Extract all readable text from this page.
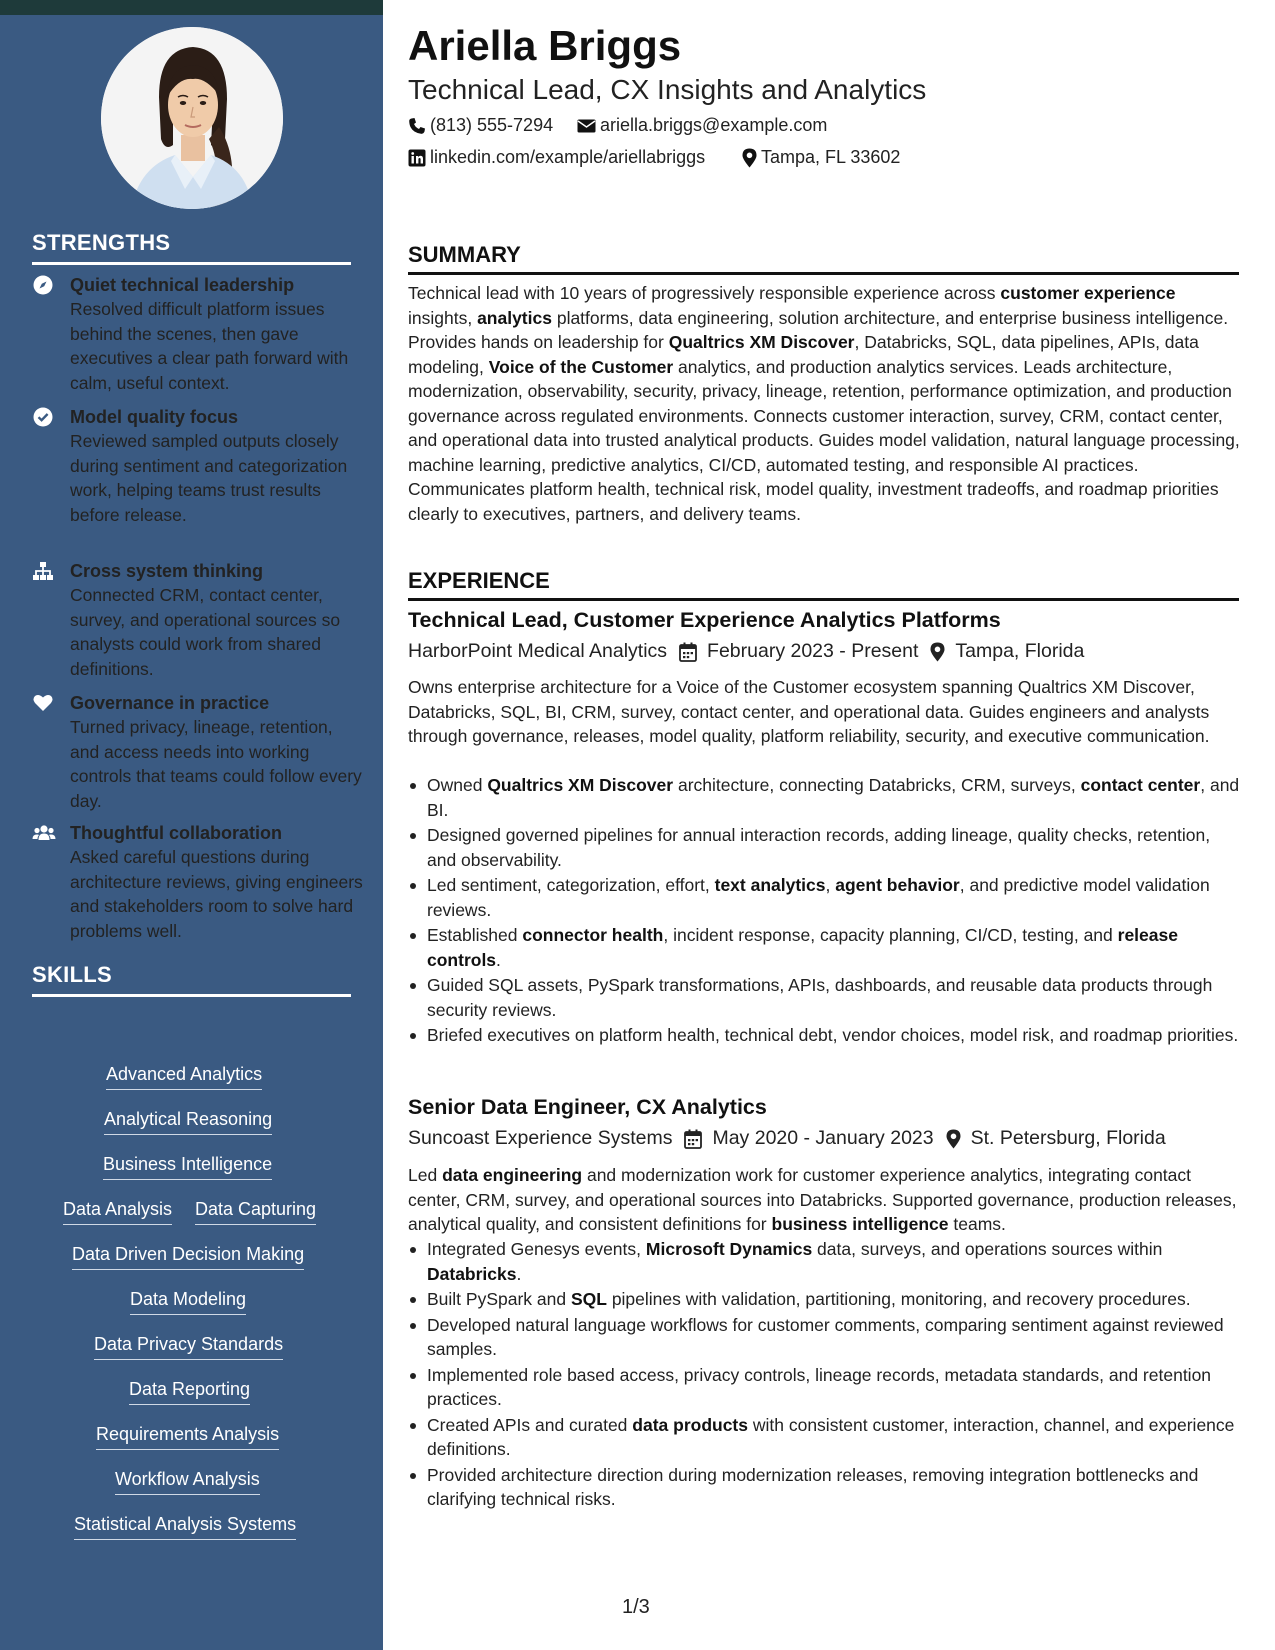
STRENGTHS
Quiet technical leadership
Resolved difficult platform issues behind the scenes, then gave executives a clear path forward with calm, useful context.
Model quality focus
Reviewed sampled outputs closely during sentiment and categorization work, helping teams trust results before release.
Cross system thinking
Connected CRM, contact center, survey, and operational sources so analysts could work from shared definitions.
Governance in practice
Turned privacy, lineage, retention, and access needs into working controls that teams could follow every day.
Thoughtful collaboration
Asked careful questions during architecture reviews, giving engineers and stakeholders room to solve hard problems well.
SKILLS
Advanced Analytics
Analytical Reasoning
Business Intelligence
Data Analysis Data Capturing
Data Driven Decision Making
Data Modeling
Data Privacy Standards
Data Reporting
Requirements Analysis
Workflow Analysis
Statistical Analysis Systems
Ariella Briggs
Technical Lead, CX Insights and Analytics
(813) 555-7294	ariella.briggs@example.com
linkedin.com/example/ariellabriggs	Tampa, FL 33602
SUMMARY
Technical lead with 10 years of progressively responsible experience across customer experience insights, analytics platforms, data engineering, solution architecture, and enterprise business intelligence. Provides hands on leadership for Qualtrics XM Discover, Databricks, SQL, data pipelines, APIs, data modeling, Voice of the Customer analytics, and production analytics services. Leads architecture, modernization, observability, security, privacy, lineage, retention, performance optimization, and production governance across regulated environments. Connects customer interaction, survey, CRM, contact center, and operational data into trusted analytical products. Guides model validation, natural language processing, machine learning, predictive analytics, CI/CD, automated testing, and responsible AI practices. Communicates platform health, technical risk, model quality, investment tradeoffs, and roadmap priorities clearly to executives, partners, and delivery teams.
EXPERIENCE
Technical Lead, Customer Experience Analytics Platforms
HarborPoint Medical Analytics February 2023 - Present Tampa, Florida
Owns enterprise architecture for a Voice of the Customer ecosystem spanning Qualtrics XM Discover, Databricks, SQL, BI, CRM, survey, contact center, and operational data. Guides engineers and analysts through governance, releases, model quality, platform reliability, security, and executive communication.
Owned Qualtrics XM Discover architecture, connecting Databricks, CRM, surveys, contact center, and BI.
Designed governed pipelines for annual interaction records, adding lineage, quality checks, retention, and observability.
Led sentiment, categorization, effort, text analytics, agent behavior, and predictive model validation reviews.
Established connector health, incident response, capacity planning, CI/CD, testing, and release controls.
Guided SQL assets, PySpark transformations, APIs, dashboards, and reusable data products through security reviews.
Briefed executives on platform health, technical debt, vendor choices, model risk, and roadmap priorities.
Senior Data Engineer, CX Analytics
Suncoast Experience Systems May 2020 - January 2023 St. Petersburg, Florida
Led data engineering and modernization work for customer experience analytics, integrating contact center, CRM, survey, and operational sources into Databricks. Supported governance, production releases, analytical quality, and consistent definitions for business intelligence teams.
Integrated Genesys events, Microsoft Dynamics data, surveys, and operations sources within Databricks.
Built PySpark and SQL pipelines with validation, partitioning, monitoring, and recovery procedures.
Developed natural language workflows for customer comments, comparing sentiment against reviewed samples.
Implemented role based access, privacy controls, lineage records, metadata standards, and retention practices.
Created APIs and curated data products with consistent customer, interaction, channel, and experience definitions.
Provided architecture direction during modernization releases, removing integration bottlenecks and clarifying technical risks.
1/3
